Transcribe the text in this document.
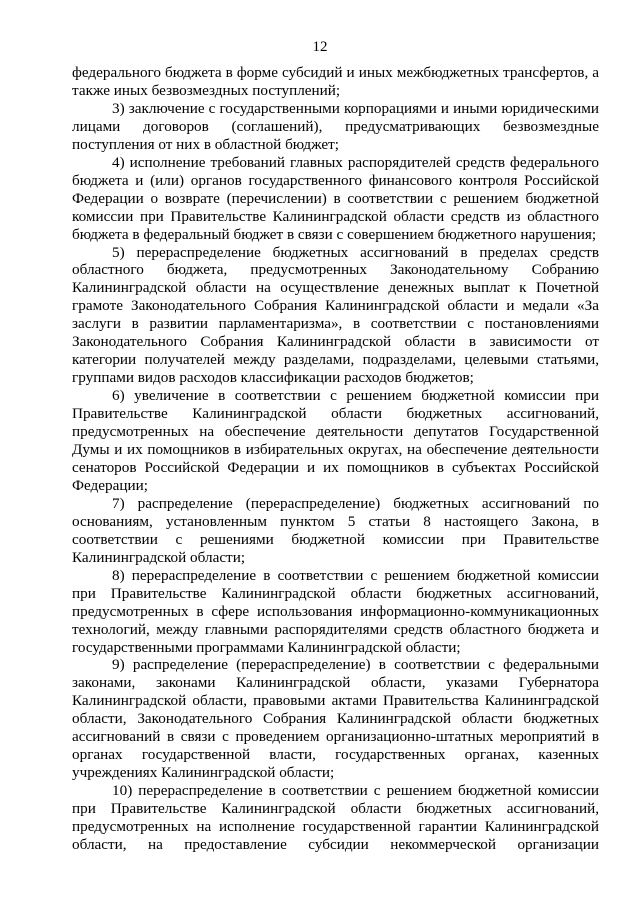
12

федерального бюджета в форме субсидий и иных межбюджетных трансфертов, а также иных безвозмездных поступлений;

3) заключение с государственными корпорациями и иными юридическими лицами договоров (соглашений), предусматривающих безвозмездные поступления от них в областной бюджет;

4) исполнение требований главных распорядителей средств федерального бюджета и (или) органов государственного финансового контроля Российской Федерации о возврате (перечислении) в соответствии с решением бюджетной комиссии при Правительстве Калининградской области средств из областного бюджета в федеральный бюджет в связи с совершением бюджетного нарушения;

5) перераспределение бюджетных ассигнований в пределах средств областного бюджета, предусмотренных Законодательному Собранию Калининградской области на осуществление денежных выплат к Почетной грамоте Законодательного Собрания Калининградской области и медали «За заслуги в развитии парламентаризма», в соответствии с постановлениями Законодательного Собрания Калининградской области в зависимости от категории получателей между разделами, подразделами, целевыми статьями, группами видов расходов классификации расходов бюджетов;

6) увеличение в соответствии с решением бюджетной комиссии при Правительстве Калининградской области бюджетных ассигнований, предусмотренных на обеспечение деятельности депутатов Государственной Думы и их помощников в избирательных округах, на обеспечение деятельности сенаторов Российской Федерации и их помощников в субъектах Российской Федерации;

7) распределение (перераспределение) бюджетных ассигнований по основаниям, установленным пунктом 5 статьи 8 настоящего Закона, в соответствии с решениями бюджетной комиссии при Правительстве Калининградской области;

8) перераспределение в соответствии с решением бюджетной комиссии при Правительстве Калининградской области бюджетных ассигнований, предусмотренных в сфере использования информационно-коммуникационных технологий, между главными распорядителями средств областного бюджета и государственными программами Калининградской области;

9) распределение (перераспределение) в соответствии с федеральными законами, законами Калининградской области, указами Губернатора Калининградской области, правовыми актами Правительства Калининградской области, Законодательного Собрания Калининградской области бюджетных ассигнований в связи с проведением организационно-штатных мероприятий в органах государственной власти, государственных органах, казенных учреждениях Калининградской области;

10) перераспределение в соответствии с решением бюджетной комиссии при Правительстве Калининградской области бюджетных ассигнований, предусмотренных на исполнение государственной гарантии Калининградской области, на предоставление субсидии некоммерческой организации
